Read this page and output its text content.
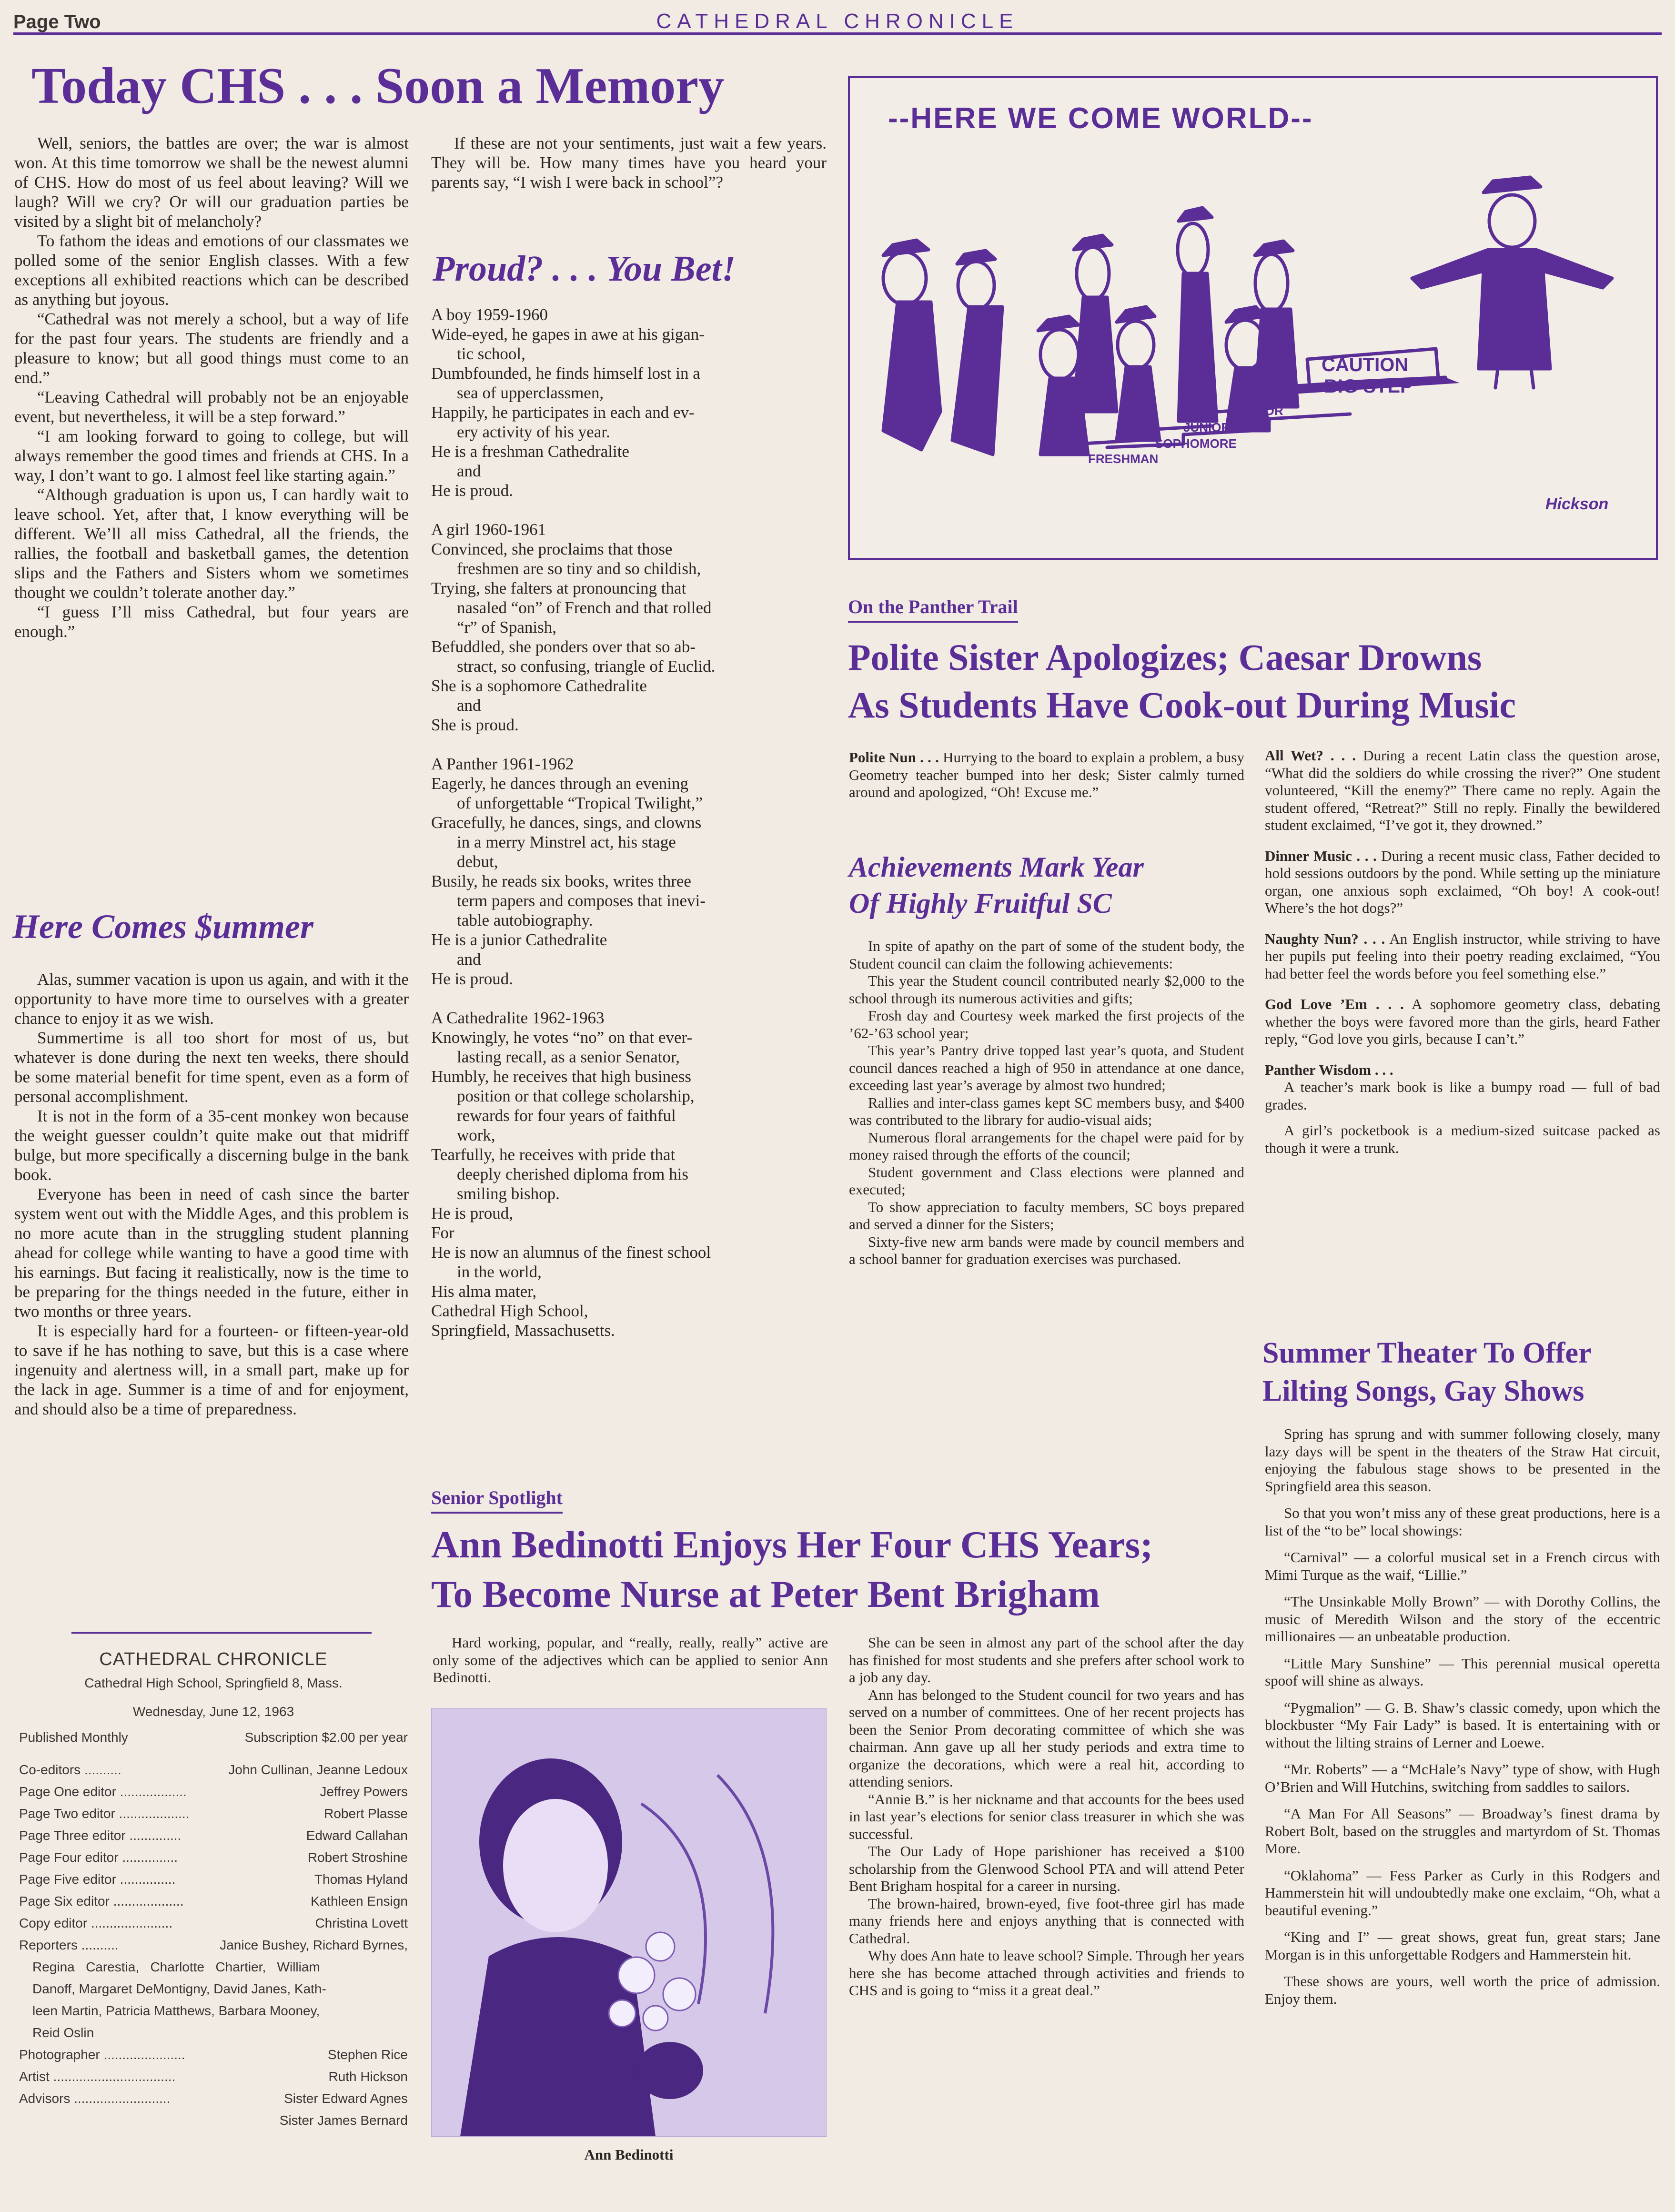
Page Two	CATHEDRAL CHRONICLE
Today CHS . . . Soon a Memory

Well, seniors, the battles are over; the war is almost won. At this time tomorrow we shall be the newest alumni of CHS. How do most of us feel about leaving? Will we laugh? Will we cry? Or will our graduation parties be visited by a slight bit of melancholy?

To fathom the ideas and emotions of our classmates we polled some of the senior English classes. With a few exceptions all exhibited reactions which can be described as anything but joyous.

“Cathedral was not merely a school, but a way of life for the past four years. The students are friendly and a pleasure to know; but all good things must come to an end.”

“Leaving Cathedral will probably not be an enjoyable event, but nevertheless, it will be a step forward.”

“I am looking forward to going to college, but will always remember the good times and friends at CHS. In a way, I don’t want to go. I almost feel like starting again.”

“Although graduation is upon us, I can hardly wait to leave school. Yet, after that, I know everything will be different. We’ll all miss Cathedral, all the friends, the rallies, the football and basketball games, the detention slips and the Fathers and Sisters whom we sometimes thought we couldn’t tolerate another day.”

“I guess I’ll miss Cathedral, but four years are enough.”

Here Comes $ummer

Alas, summer vacation is upon us again, and with it the opportunity to have more time to ourselves with a greater chance to enjoy it as we wish.

Summertime is all too short for most of us, but whatever is done during the next ten weeks, there should be some material benefit for time spent, even as a form of personal accomplishment.

It is not in the form of a 35-cent monkey won because the weight guesser couldn’t quite make out that midriff bulge, but more specifically a discerning bulge in the bank book.

Everyone has been in need of cash since the barter system went out with the Middle Ages, and this problem is no more acute than in the struggling student planning ahead for college while wanting to have a good time with his earnings. But facing it realistically, now is the time to be preparing for the things needed in the future, either in two months or three years.

It is especially hard for a fourteen- or fifteen-year-old to save if he has nothing to save, but this is a case where ingenuity and alertness will, in a small part, make up for the lack in age. Summer is a time of and for enjoyment, and should also be a time of preparedness.

CATHEDRAL CHRONICLE
Cathedral High School, Springfield 8, Mass.
Wednesday, June 12, 1963
Published Monthly	Subscription $2.00 per year
Co-editors ..........	John Cullinan, Jeanne Ledoux
Page One editor ..................	Jeffrey Powers
Page Two editor ...................	Robert Plasse
Page Three editor ..............	Edward Callahan
Page Four editor ...............	Robert Stroshine
Page Five editor ...............	Thomas Hyland
Page Six editor ...................	Kathleen Ensign
Copy editor ......................	Christina Lovett
Reporters ..........	Janice Bushey, Richard Byrnes,
Regina   Carestia,   Charlotte   Chartier,   William
Danoff, Margaret DeMontigny, David Janes, Kath-
leen Martin, Patricia Matthews, Barbara Mooney,
Reid Oslin
Photographer ......................	Stephen Rice
Artist .................................	Ruth Hickson
Advisors ..........................	Sister Edward Agnes
Sister James Bernard

If these are not your sentiments, just wait a few years. They will be. How many times have you heard your parents say, “I wish I were back in school”?

Proud? . . . You Bet!

A boy 1959-1960

Wide-eyed, he gapes in awe at his gigan-

tic school,

Dumbfounded, he finds himself lost in a

sea of upperclassmen,

Happily, he participates in each and ev-

ery activity of his year.

He is a freshman Cathedralite

and

He is proud.

A girl 1960-1961

Convinced, she proclaims that those

freshmen are so tiny and so childish,

Trying, she falters at pronouncing that

nasaled “on” of French and that rolled

“r” of Spanish,

Befuddled, she ponders over that so ab-

stract, so confusing, triangle of Euclid.

She is a sophomore Cathedralite

and

She is proud.

A Panther 1961-1962

Eagerly, he dances through an evening

of unforgettable “Tropical Twilight,”

Gracefully, he dances, sings, and clowns

in a merry Minstrel act, his stage

debut,

Busily, he reads six books, writes three

term papers and composes that inevi-

table autobiography.

He is a junior Cathedralite

and

He is proud.

A Cathedralite 1962-1963

Knowingly, he votes “no” on that ever-

lasting recall, as a senior Senator,

Humbly, he receives that high business

position or that college scholarship,

rewards for four years of faithful

work,

Tearfully, he receives with pride that

deeply cherished diploma from his

smiling bishop.

He is proud,

For

He is now an alumnus of the finest school

in the world,

His alma mater,

Cathedral High School,

Springfield, Massachusetts.

--HERE WE COME WORLD--
CAUTION
BIG STEP
SENIOR
JUNIOR
SOPHOMORE
FRESHMAN
Hickson
On the Panther Trail
Polite Sister Apologizes; Caesar Drowns
As Students Have Cook-out During Music

Polite Nun . . . Hurrying to the board to explain a problem, a busy Geometry teacher bumped into her desk; Sister calmly turned around and apologized, “Oh! Excuse me.”

Achievements Mark Year
Of Highly Fruitful SC

In spite of apathy on the part of some of the student body, the Student council can claim the following achievements:

This year the Student council contributed nearly $2,000 to the school through its numerous activities and gifts;

Frosh day and Courtesy week marked the first projects of the ’62-’63 school year;

This year’s Pantry drive topped last year’s quota, and Student council dances reached a high of 950 in attendance at one dance, exceeding last year’s average by almost two hundred;

Rallies and inter-class games kept SC members busy, and $400 was contributed to the library for audio-visual aids;

Numerous floral arrangements for the chapel were paid for by money raised through the efforts of the council;

Student government and Class elections were planned and executed;

To show appreciation to faculty members, SC boys prepared and served a dinner for the Sisters;

Sixty-five new arm bands were made by council members and a school banner for graduation exercises was purchased.

All Wet? . . . During a recent Latin class the question arose, “What did the soldiers do while crossing the river?” One student volunteered, “Kill the enemy?” There came no reply. Again the student offered, “Retreat?” Still no reply. Finally the bewildered student exclaimed, “I’ve got it, they drowned.”

Dinner Music . . . During a recent music class, Father decided to hold sessions outdoors by the pond. While setting up the miniature organ, one anxious soph exclaimed, “Oh boy! A cook-out! Where’s the hot dogs?”

Naughty Nun? . . . An English instructor, while striving to have her pupils put feeling into their poetry reading exclaimed, “You had better feel the words before you feel something else.”

God Love ’Em . . . A sophomore geometry class, debating whether the boys were favored more than the girls, heard Father reply, “God love you girls, because I can’t.”

Panther Wisdom . . .

A teacher’s mark book is like a bumpy road — full of bad grades.

A girl’s pocketbook is a medium-sized suitcase packed as though it were a trunk.

Summer Theater To Offer
Lilting Songs, Gay Shows

Spring has sprung and with summer following closely, many lazy days will be spent in the theaters of the Straw Hat circuit, enjoying the fabulous stage shows to be presented in the Springfield area this season.

So that you won’t miss any of these great productions, here is a list of the “to be” local showings:

“Carnival” — a colorful musical set in a French circus with Mimi Turque as the waif, “Lillie.”

“The Unsinkable Molly Brown” — with Dorothy Collins, the music of Meredith Wilson and the story of the eccentric millionaires — an unbeatable production.

“Little Mary Sunshine” — This perennial musical operetta spoof will shine as always.

“Pygmalion” — G. B. Shaw’s classic comedy, upon which the blockbuster “My Fair Lady” is based. It is entertaining with or without the lilting strains of Lerner and Loewe.

“Mr. Roberts” — a “McHale’s Navy” type of show, with Hugh O’Brien and Will Hutchins, switching from saddles to sailors.

“A Man For All Seasons” — Broadway’s finest drama by Robert Bolt, based on the struggles and martyrdom of St. Thomas More.

“Oklahoma” — Fess Parker as Curly in this Rodgers and Hammerstein hit will undoubtedly make one exclaim, “Oh, what a beautiful evening.”

“King and I” — great shows, great fun, great stars; Jane Morgan is in this unforgettable Rodgers and Hammerstein hit.

These shows are yours, well worth the price of admission. Enjoy them.

Senior Spotlight
Ann Bedinotti Enjoys Her Four CHS Years;
To Become Nurse at Peter Bent Brigham

Hard working, popular, and “really, really, really” active are only some of the adjectives which can be applied to senior Ann Bedinotti.

Ann Bedinotti

She can be seen in almost any part of the school after the day has finished for most students and she prefers after school work to a job any day.

Ann has belonged to the Student council for two years and has served on a number of committees. One of her recent projects has been the Senior Prom decorating committee of which she was chairman. Ann gave up all her study periods and extra time to organize the decorations, which were a real hit, according to attending seniors.

“Annie B.” is her nickname and that accounts for the bees used in last year’s elections for senior class treasurer in which she was successful.

The Our Lady of Hope parishioner has received a $100 scholarship from the Glenwood School PTA and will attend Peter Bent Brigham hospital for a career in nursing.

The brown-haired, brown-eyed, five foot-three girl has made many friends here and enjoys anything that is connected with Cathedral.

Why does Ann hate to leave school? Simple. Through her years here she has become attached through activities and friends to CHS and is going to “miss it a great deal.”
